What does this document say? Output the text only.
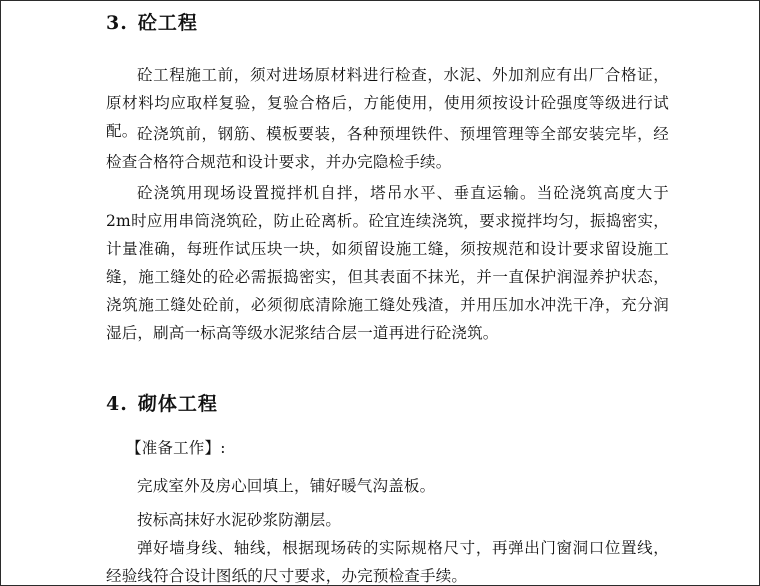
3. 砼工程

砼工程施工前，须对进场原材料进行检查，水泥、外加剂应有出厂合格证，原材料均应取样复验，复验合格后，方能使用，使用须按设计砼强度等级进行试配。 砼浇筑前，钢筋、模板要装，各种预埋铁件、预埋管理等全部安装完毕，经检查合格符合规范和设计要求，并办完隐检手续。

砼浇筑用现场设置搅拌机自拌，塔吊水平、垂直运输。当砼浇筑高度大于 2m时应用串筒浇筑砼，防止砼离析。砼宜连续浇筑，要求搅拌均匀，振捣密实，计量准确，每班作试压块一块，如须留设施工缝，须按规范和设计要求留设施工缝，施工缝处的砼必需振捣密实，但其表面不抹光，并一直保护润湿养护状态，浇筑施工缝处砼前，必须彻底清除施工缝处残渣，并用压加水冲洗干净，充分润湿后，刷高一标高等级水泥浆结合层一道再进行砼浇筑。

4. 砌体工程

【准备工作】:

完成室外及房心回填上，铺好暖气沟盖板。

按标高抹好水泥砂浆防潮层。

弹好墙身线、轴线，根据现场砖的实际规格尺寸，再弹出门窗洞口位置线，经验线符合设计图纸的尺寸要求，办完预检查手续。
